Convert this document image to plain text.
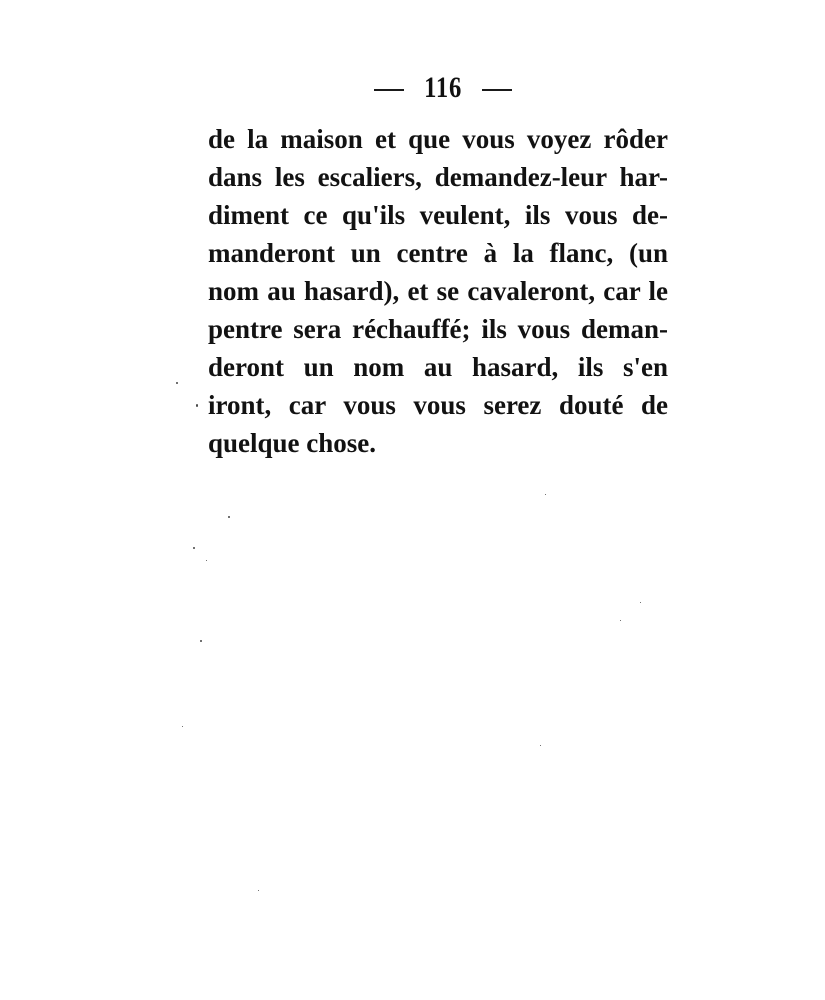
116
de la maison et que vous voyez rôder
dans les escaliers, demandez-leur har-
diment ce qu'ils veulent, ils vous de-
manderont un centre à la flanc, (un
nom au hasard), et se cavaleront, car le
pentre sera réchauffé; ils vous deman-
deront un nom au hasard, ils s'en
iront, car vous vous serez douté de
quelque chose.
